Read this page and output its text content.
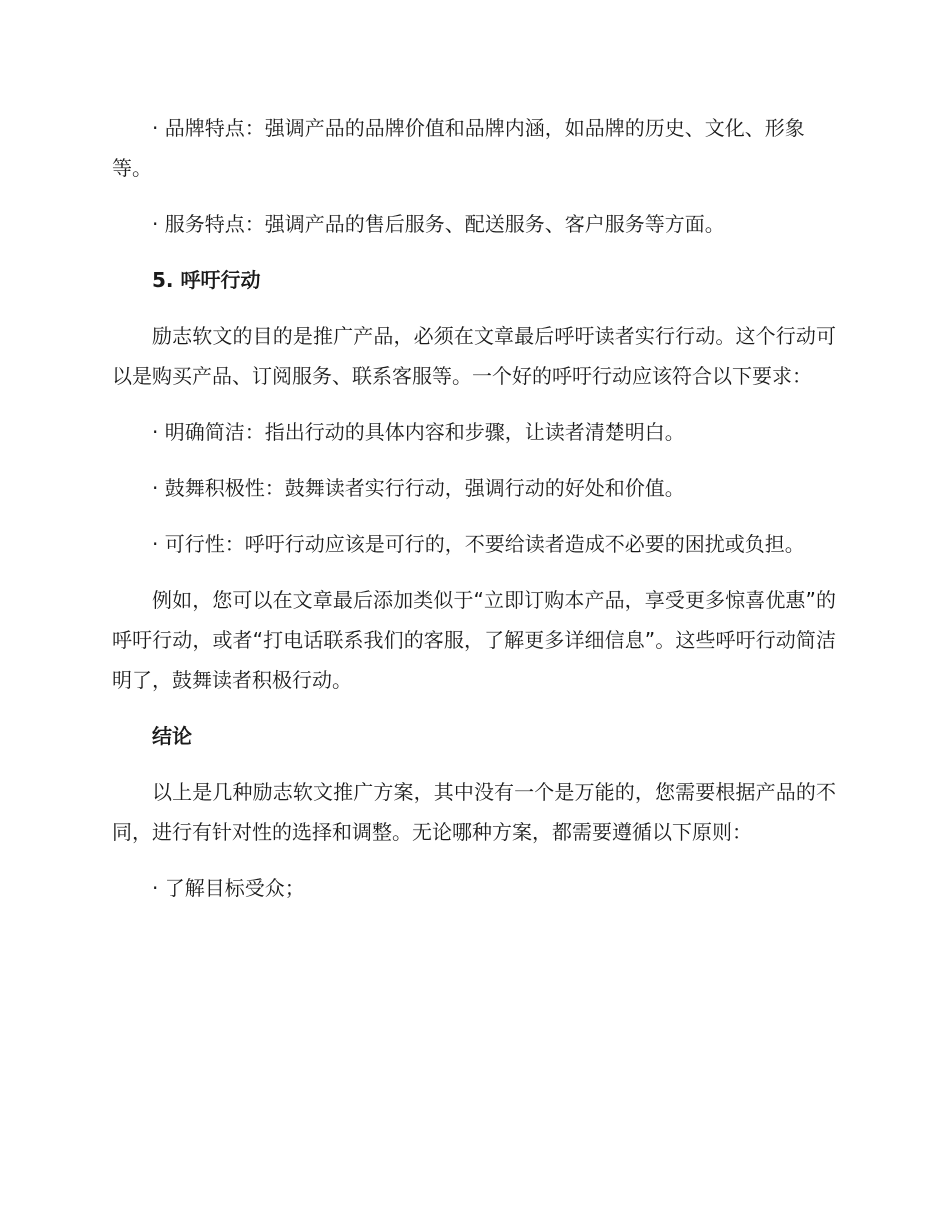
· 品牌特点：强调产品的品牌价值和品牌内涵，如品牌的历史、文化、形象等。

· 服务特点：强调产品的售后服务、配送服务、客户服务等方面。

5. 呼吁行动

励志软文的目的是推广产品，必须在文章最后呼吁读者实行行动。这个行动可以是购买产品、订阅服务、联系客服等。一个好的呼吁行动应该符合以下要求：

· 明确简洁：指出行动的具体内容和步骤，让读者清楚明白。

· 鼓舞积极性：鼓舞读者实行行动，强调行动的好处和价值。

· 可行性：呼吁行动应该是可行的，不要给读者造成不必要的困扰或负担。

例如，您可以在文章最后添加类似于“立即订购本产品，享受更多惊喜优惠”的呼吁行动，或者“打电话联系我们的客服，了解更多详细信息”。这些呼吁行动简洁明了，鼓舞读者积极行动。

结论

以上是几种励志软文推广方案，其中没有一个是万能的，您需要根据产品的不同，进行有针对性的选择和调整。无论哪种方案，都需要遵循以下原则：

· 了解目标受众；
